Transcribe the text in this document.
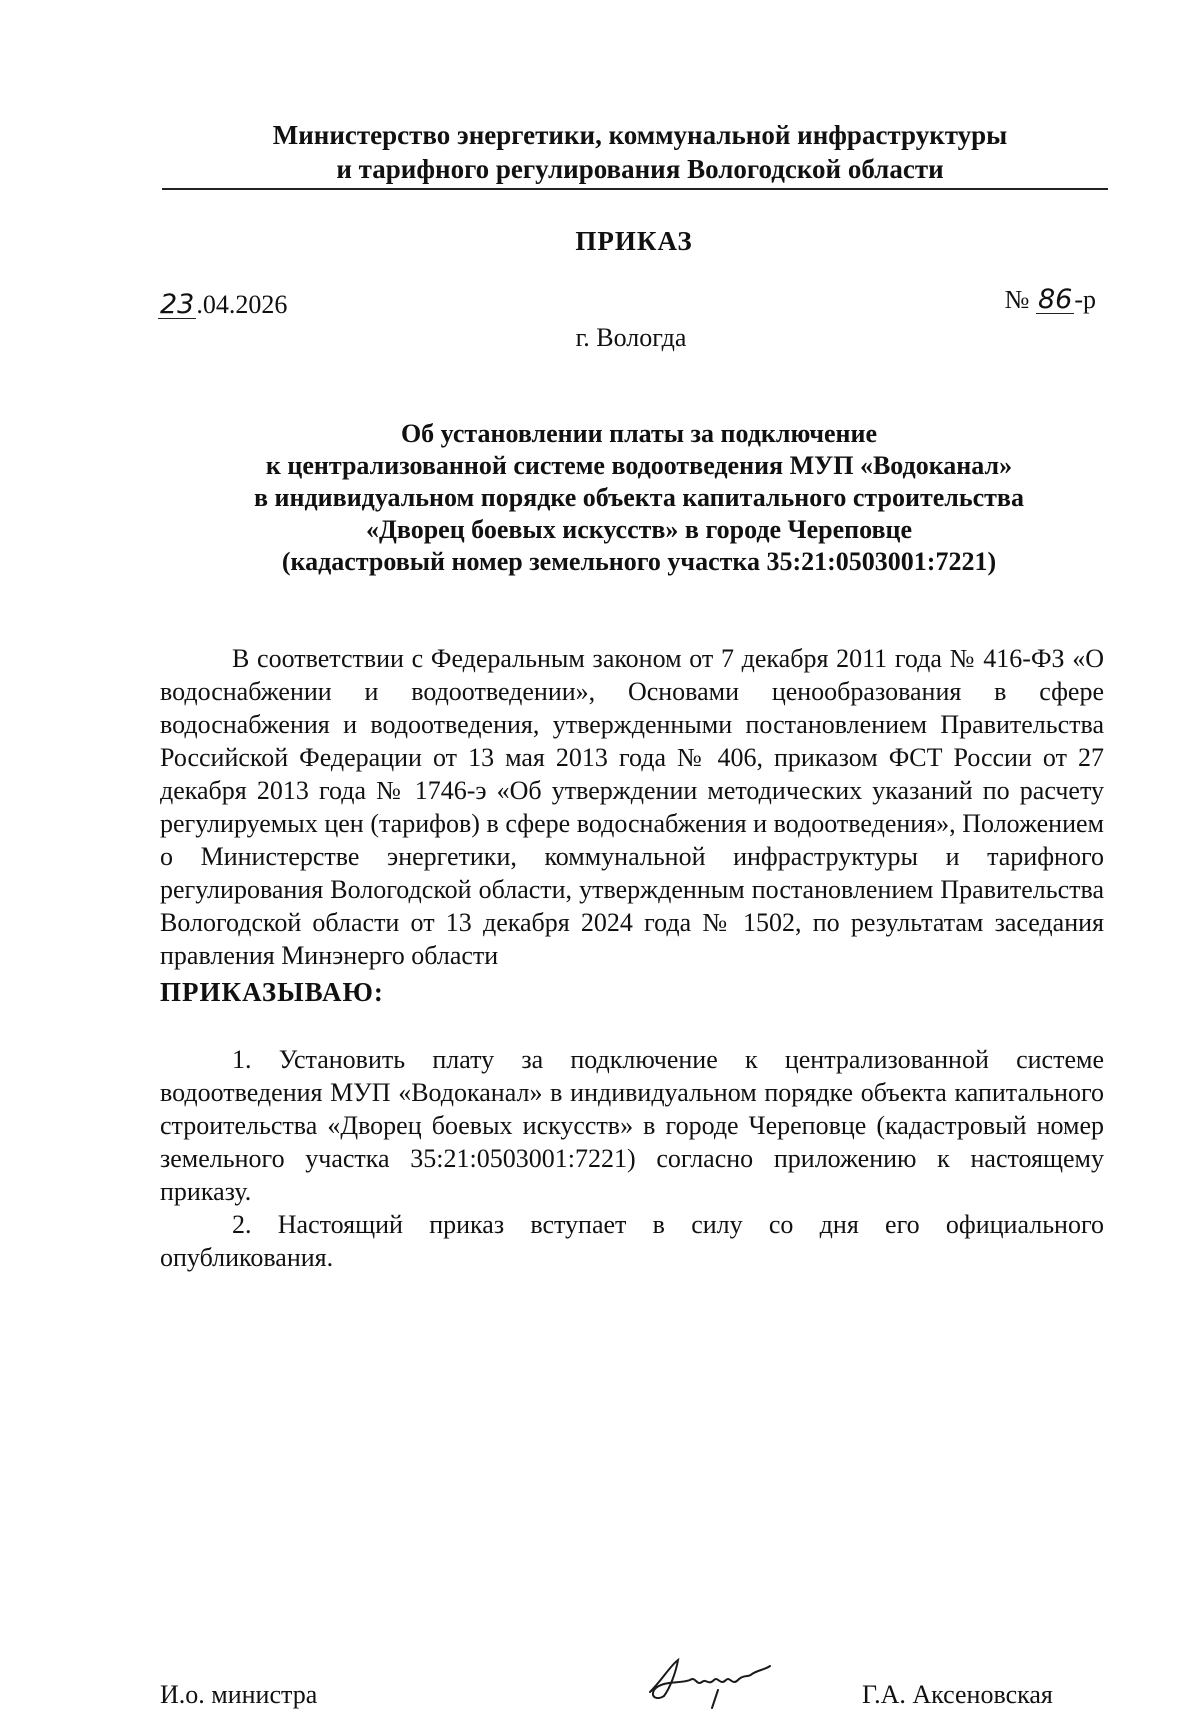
Министерство энергетики, коммунальной инфраструктуры
и тарифного регулирования Вологодской области
ПРИКАЗ
23.04.2026	№ 86-р
г. Вологда
Об установлении платы за подключение
к централизованной системе водоотведения МУП «Водоканал»
в индивидуальном порядке объекта капитального строительства
«Дворец боевых искусств» в городе Череповце
(кадастровый номер земельного участка 35:21:0503001:7221)

В соответствии с Федеральным законом от 7 декабря 2011 года № 416-ФЗ «О водоснабжении и водоотведении», Основами ценообразования в сфере водоснабжения и водоотведения, утвержденными постановлением Правительства Российской Федерации от 13 мая 2013 года № 406, приказом ФСТ России от 27 декабря 2013 года № 1746-э «Об утверждении методических указаний по расчету регулируемых цен (тарифов) в сфере водоснабжения и водоотведения», Положением о Министерстве энергетики, коммунальной инфраструктуры и тарифного регулирования Вологодской области, утвержденным постановлением Правительства Вологодской области от 13 декабря 2024 года № 1502, по результатам заседания правления Минэнерго области

ПРИКАЗЫВАЮ:

1. Установить плату за подключение к централизованной системе водоотведения МУП «Водоканал» в индивидуальном порядке объекта капитального строительства «Дворец боевых искусств» в городе Череповце (кадастровый номер земельного участка 35:21:0503001:7221) согласно приложению к настоящему приказу.

2. Настоящий приказ вступает в силу со дня его официального опубликования.

И.о. министра	Г.А. Аксеновская
